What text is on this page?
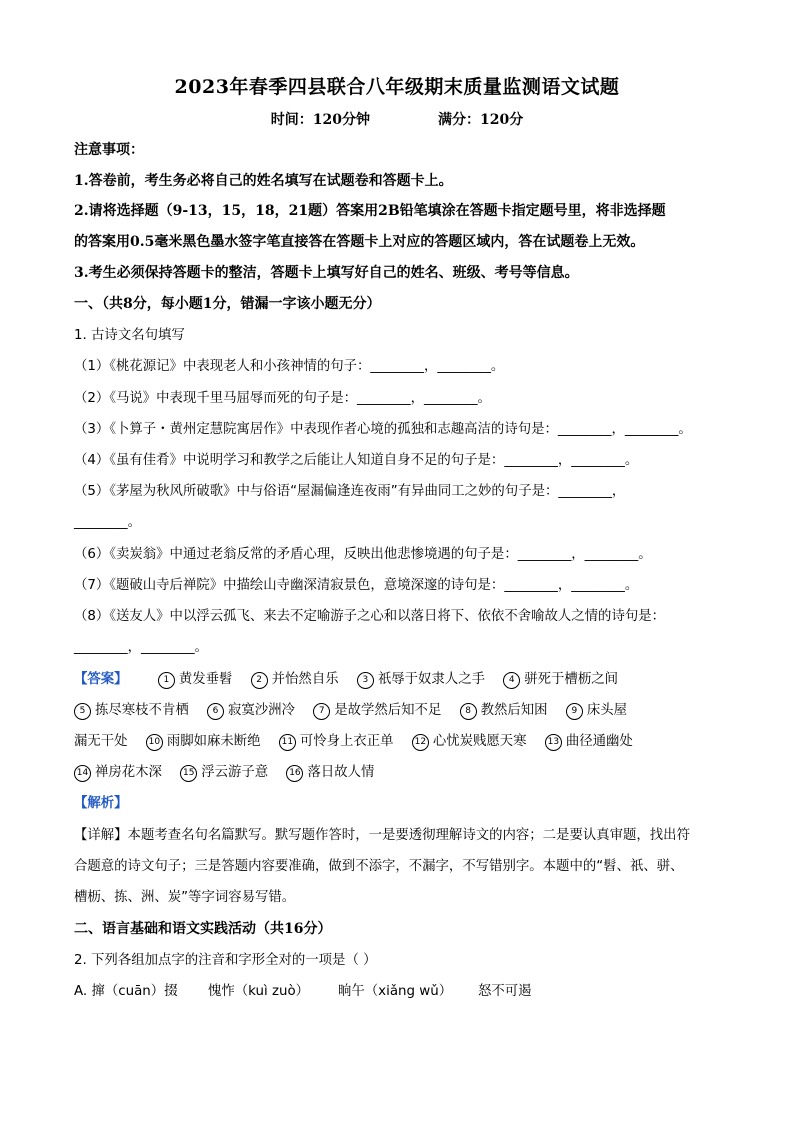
2023年春季四县联合八年级期末质量监测语文试题
时间：120分钟	满分：120分
注意事项：
1.答卷前，考生务必将自己的姓名填写在试题卷和答题卡上。
2.请将选择题（9-13，15，18，21题）答案用2B铅笔填涂在答题卡指定题号里，将非选择题
的答案用0.5毫米黑色墨水签字笔直接答在答题卡上对应的答题区域内，答在试题卷上无效。
3.考生必须保持答题卡的整洁，答题卡上填写好自己的姓名、班级、考号等信息。
一、（共8分，每小题1分，错漏一字该小题无分）
1. 古诗文名句填写
（1）《桃花源记》中表现老人和小孩神情的句子：________，________。
（2）《马说》中表现千里马屈辱而死的句子是：________，________。
（3）《卜算子・黄州定慧院寓居作》中表现作者心境的孤独和志趣高洁的诗句是：________，________。
（4）《虽有佳肴》中说明学习和教学之后能让人知道自身不足的句子是：________，________。
（5）《茅屋为秋风所破歌》中与俗语“屋漏偏逢连夜雨”有异曲同工之妙的句子是：________，
________。
（6）《卖炭翁》中通过老翁反常的矛盾心理，反映出他悲惨境遇的句子是：________，________。
（7）《题破山寺后禅院》中描绘山寺幽深清寂景色，意境深邃的诗句是：________，________。
（8）《送友人》中以浮云孤飞、来去不定喻游子之心和以落日将下、依依不舍喻故人之情的诗句是：
________，________。
【答案】	1 黄发垂髫	2 并怡然自乐	3 祇辱于奴隶人之手	4 骈死于槽枥之间
5 拣尽寒枝不肯栖	6 寂寞沙洲冷	7 是故学然后知不足	8 教然后知困	9 床头屋
漏无干处 10 雨脚如麻未断绝 11 可怜身上衣正单 12 心忧炭贱愿天寒 13 曲径通幽处
14 禅房花木深 15 浮云游子意 16 落日故人情
【解析】
【详解】本题考查名句名篇默写。默写题作答时，一是要透彻理解诗文的内容；二是要认真审题，找出符
合题意的诗文句子；三是答题内容要准确，做到不添字，不漏字，不写错别字。本题中的“髫、祇、骈、
槽枥、拣、洲、炭”等字词容易写错。
二、语言基础和语文实践活动（共16分）
2. 下列各组加点字的注音和字形全对的一项是（ ）
A. 撺（cuān）掇 愧怍（kuì zuò） 晌午（xiǎng wǔ） 怒不可遏
